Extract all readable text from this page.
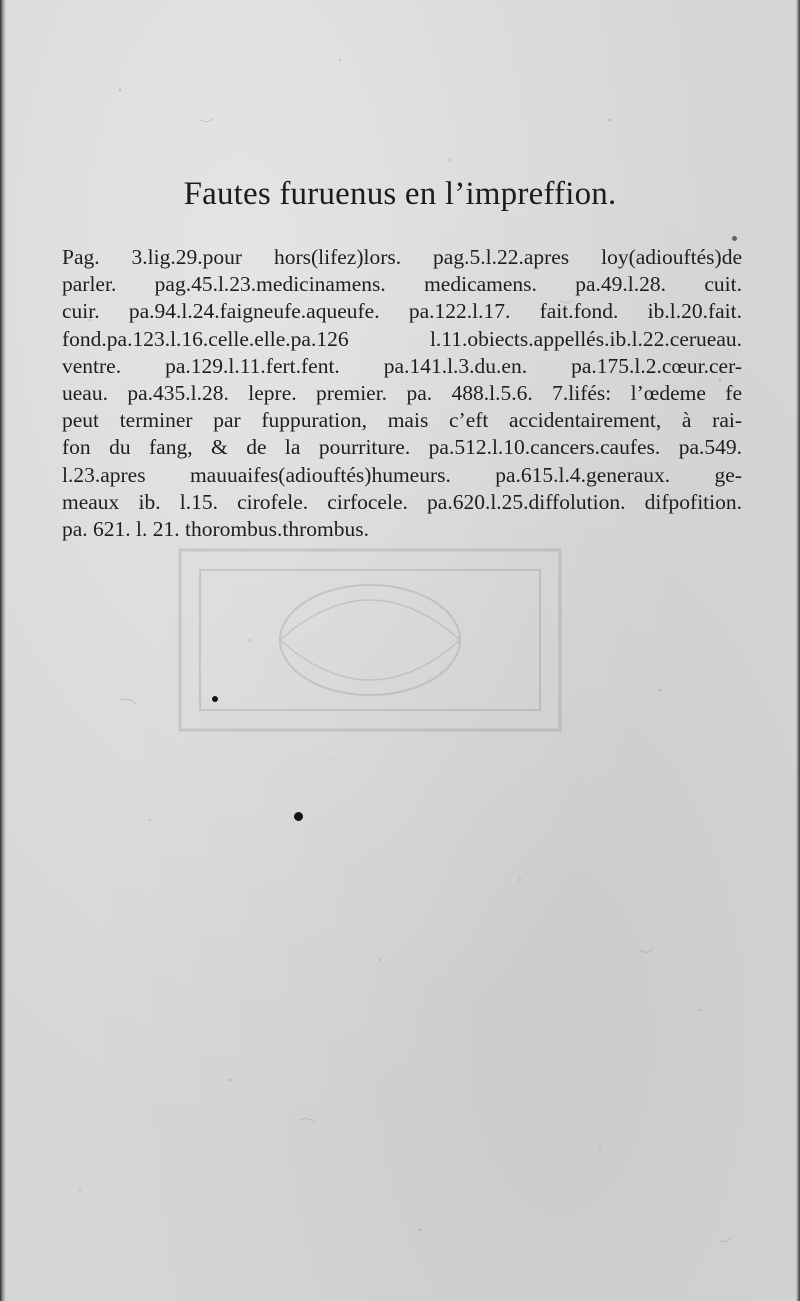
Fautes furuenus en l’impreffion.
Pag. 3.lig.29.pour hors(lifez)lors. pag.5.l.22.apres loy(adiouftés)de
parler. pag.45.l.23.medicinamens. medicamens. pa.49.l.28. cuit.
cuir. pa.94.l.24.faigneufe.aqueufe. pa.122.l.17. fait.fond. ib.l.20.fait.
fond.pa.123.l.16.celle.elle.pa.126 l.11.obiects.appellés.ib.l.22.cerueau.
ventre. pa.129.l.11.fert.fent. pa.141.l.3.du.en. pa.175.l.2.cœur.cer-
ueau. pa.435.l.28. lepre. premier. pa. 488.l.5.6. 7.lifés: l’œdeme fe
peut terminer par fuppuration, mais c’eft accidentairement, à rai-
fon du fang, & de la pourriture. pa.512.l.10.cancers.caufes. pa.549.
l.23.apres mauuaifes(adiouftés)humeurs. pa.615.l.4.generaux. ge-
meaux ib. l.15. cirofele. cirfocele. pa.620.l.25.diffolution. difpofition.
pa. 621. l. 21. thorombus.thrombus.
